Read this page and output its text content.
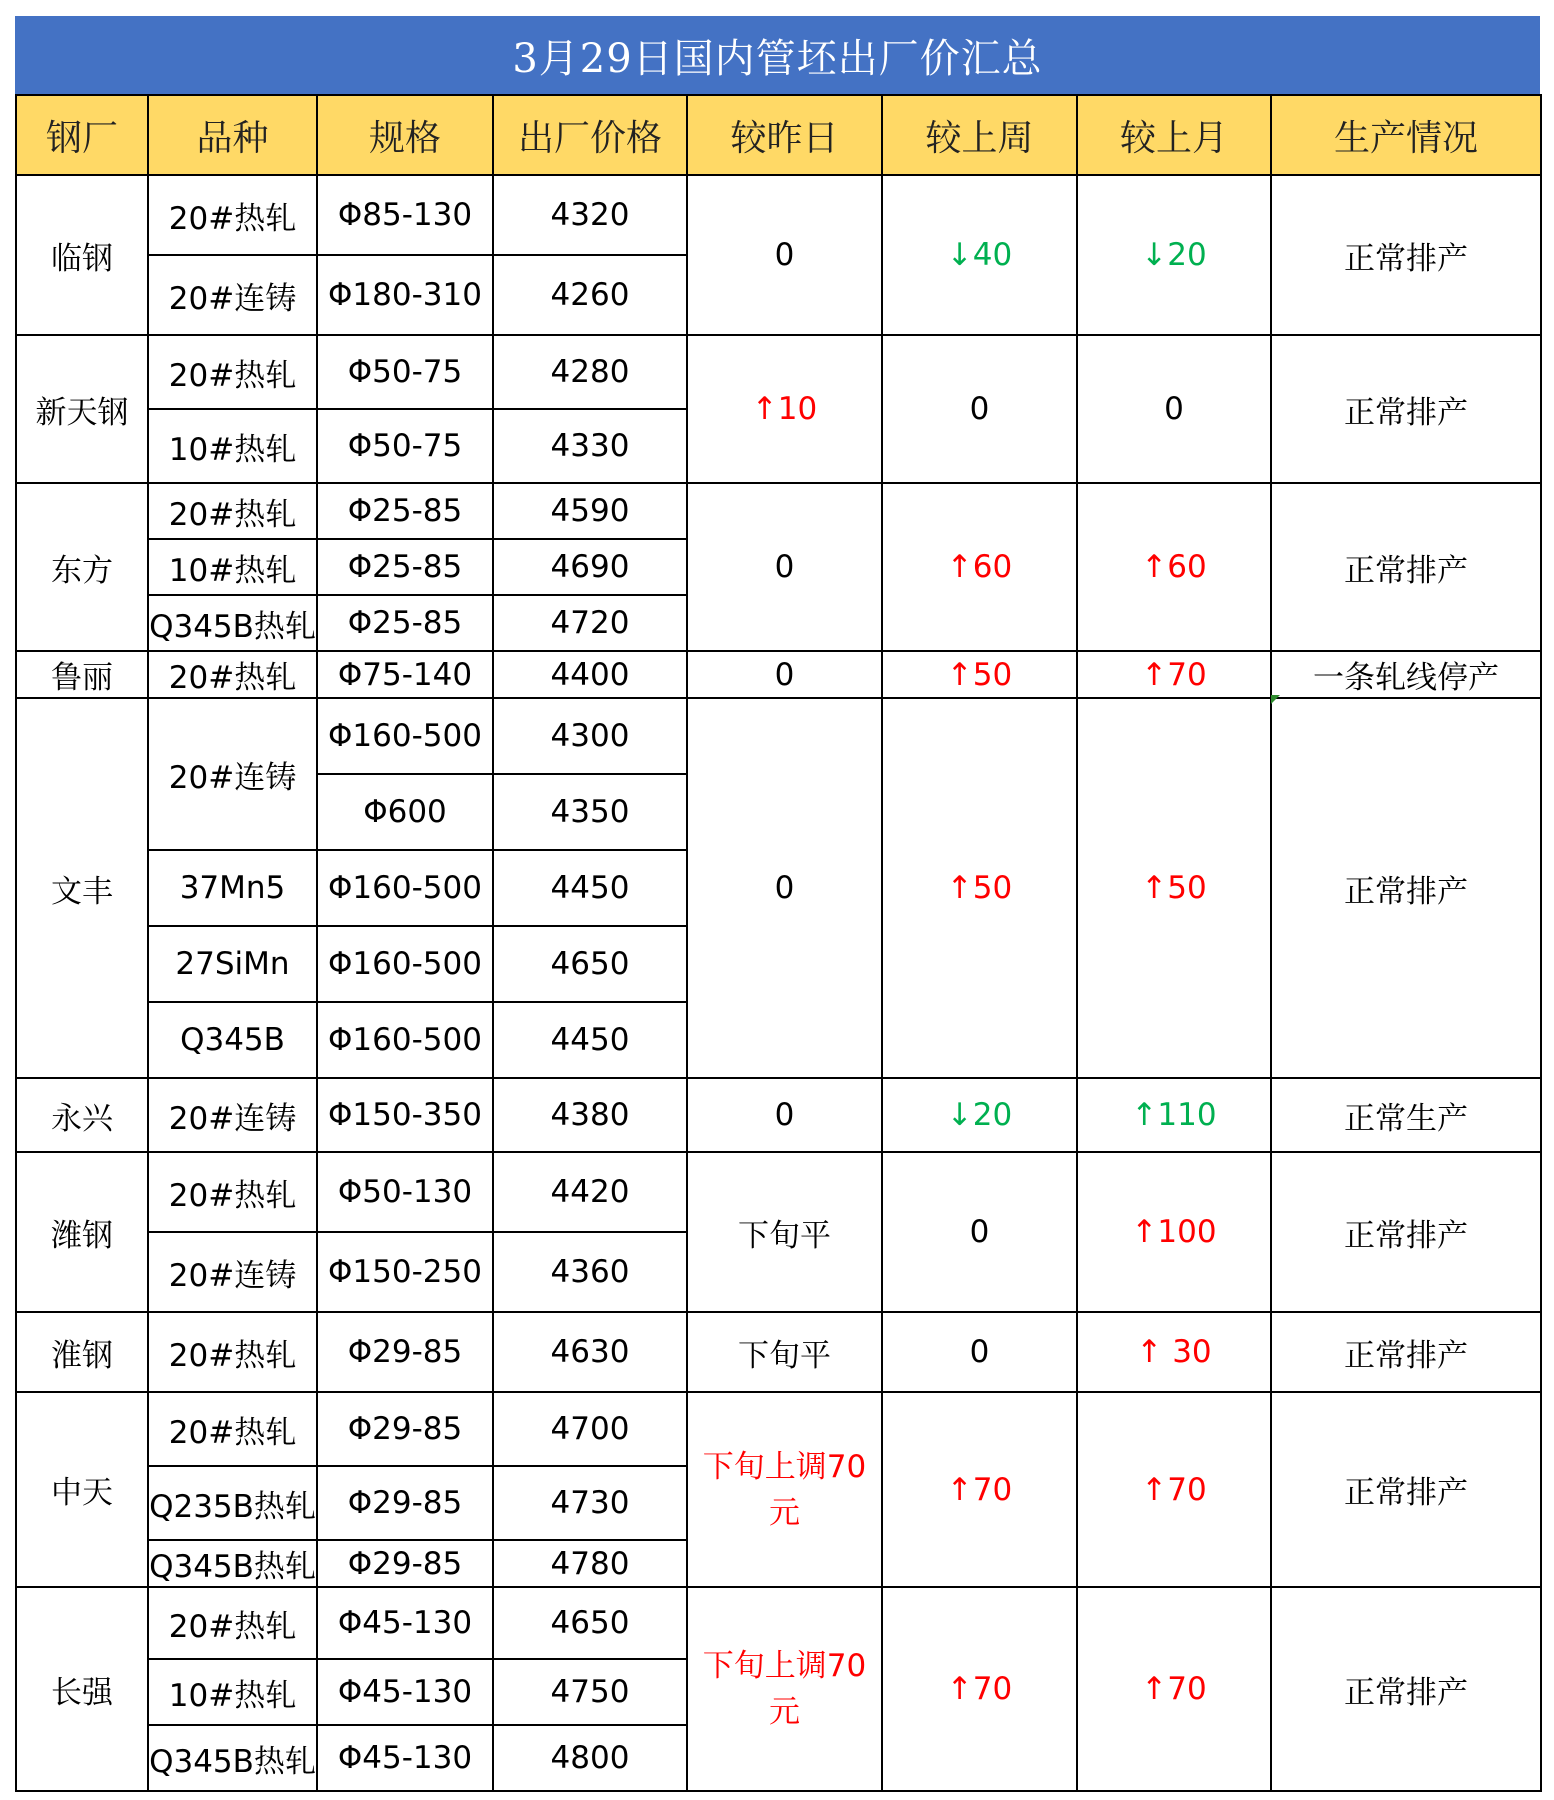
3月29日国内管坯出厂价汇总
钢厂	品种	规格	出厂价格	较昨日	较上周	较上月	生产情况
临钢	20#热轧	Φ85-130	4320	0	↓40	↓20	正常排产
	20#连铸	Φ180-310	4260				
新天钢	20#热轧	Φ50-75	4280	↑10	0	0	正常排产
	10#热轧	Φ50-75	4330				
东方	20#热轧	Φ25-85	4590	0	↑60	↑60	正常排产
	10#热轧	Φ25-85	4690				
	Q345B热轧	Φ25-85	4720				
鲁丽	20#热轧	Φ75-140	4400	0	↑50	↑70	一条轧线停产
文丰	20#连铸	Φ160-500	4300	0	↑50	↑50	正常排产
		Φ600	4350				
	37Mn5	Φ160-500	4450				
	27SiMn	Φ160-500	4650				
	Q345B	Φ160-500	4450				
永兴	20#连铸	Φ150-350	4380	0	↓20	↑110	正常生产
潍钢	20#热轧	Φ50-130	4420	下旬平	0	↑100	正常排产
	20#连铸	Φ150-250	4360				
淮钢	20#热轧	Φ29-85	4630	下旬平	0	↑ 30	正常排产
中天	20#热轧	Φ29-85	4700	下旬上调70元	↑70	↑70	正常排产
	Q235B热轧	Φ29-85	4730				
	Q345B热轧	Φ29-85	4780				
长强	20#热轧	Φ45-130	4650	下旬上调70元	↑70	↑70	正常排产
	10#热轧	Φ45-130	4750				
	Q345B热轧	Φ45-130	4800				
